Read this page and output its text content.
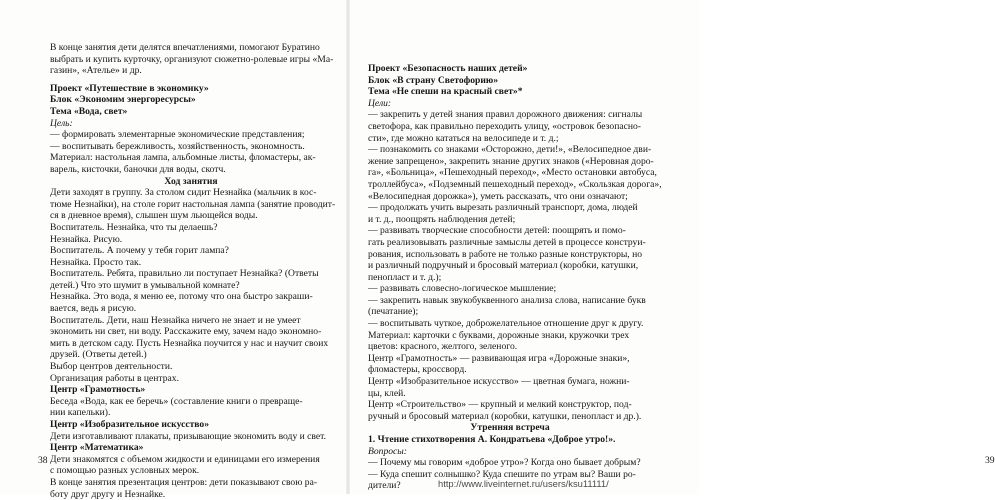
В конце занятия дети делятся впечатлениями, помогают Буратино
выбрать и купить курточку, организуют сюжетно-ролевые игры «Ма-
газин», «Ателье» и др.
Проект «Путешествие в экономику»
Блок «Экономим энергоресурсы»
Тема «Вода, свет»
Цель:
— формировать элементарные экономические представления;
— воспитывать бережливость, хозяйственность, экономность.
Материал: настольная лампа, альбомные листы, фломастеры, ак-
варель, кисточки, баночки для воды, скотч.
Ход занятия
Дети заходят в группу. За столом сидит Незнайка (мальчик в кос-
тюме Незнайки), на столе горит настольная лампа (занятие проводит-
ся в дневное время), слышен шум льющейся воды.
Воспитатель. Незнайка, что ты делаешь?
Незнайка. Рисую.
Воспитатель. А почему у тебя горит лампа?
Незнайка. Просто так.
Воспитатель. Ребята, правильно ли поступает Незнайка? (Ответы
детей.) Что это шумит в умывальной комнате?
Незнайка. Это вода, я меню ее, потому что она быстро закраши-
вается, ведь я рисую.
Воспитатель. Дети, наш Незнайка ничего не знает и не умеет
экономить ни свет, ни воду. Расскажите ему, зачем надо экономно-
мить в детском саду. Пусть Незнайка поучится у нас и научит своих
друзей. (Ответы детей.)
Выбор центров деятельности.
Организация работы в центрах.
Центр «Грамотность»
Беседа «Вода, как ее беречь» (составление книги о превраще-
нии капельки).
Центр «Изобразительное искусство»
Дети изготавливают плакаты, призывающие экономить воду и свет.
Центр «Математика»
Дети знакомятся с объемом жидкости и единицами его измерения
с помощью разных условных мерок.
В конце занятия презентация центров: дети показывают свою ра-
боту друг другу и Незнайке.
38
Проект «Безопасность наших детей»
Блок «В страну Светофорию»
Тема «Не спеши на красный свет»*
Цели:
— закрепить у детей знания правил дорожного движения: сигналы
светофора, как правильно переходить улицу, «островок безопасно-
сти», где можно кататься на велосипеде и т. д.;
— познакомить со знаками «Осторожно, дети!», «Велосипедное дви-
жение запрещено», закрепить знание других знаков («Неровная доро-
га», «Больница», «Пешеходный переход», «Место остановки автобуса,
троллейбуса», «Подземный пешеходный переход», «Скользкая дорога»,
«Велосипедная дорожка»), уметь рассказать, что они означают;
— продолжать учить вырезать различный транспорт, дома, людей
и т. д., поощрять наблюдения детей;
— развивать творческие способности детей: поощрять и помо-
гать реализовывать различные замыслы детей в процессе конструи-
рования, использовать в работе не только разные конструкторы, но
и различный подручный и бросовый материал (коробки, катушки,
пенопласт и т. д.);
— развивать словесно-логическое мышление;
— закрепить навык звукобуквенного анализа слова, написание букв
(печатание);
— воспитывать чуткое, доброжелательное отношение друг к другу.
Материал: карточки с буквами, дорожные знаки, кружочки трех
цветов: красного, желтого, зеленого.
Центр «Грамотность» — развивающая игра «Дорожные знаки»,
фломастеры, кроссворд.
Центр «Изобразительное искусство» — цветная бумага, ножни-
цы, клей.
Центр «Строительство» — крупный и мелкий конструктор, под-
ручный и бросовый материал (коробки, катушки, пенопласт и др.).
Утренняя встреча
1. Чтение стихотворения А. Кондратьева «Доброе утро!».
Вопросы:
— Почему мы говорим «доброе утро»? Когда оно бывает добрым?
— Куда спешит солнышко? Куда спешите по утрам вы? Ваши ро-
дители?
39
http://www.liveinternet.ru/users/ksu11111/
